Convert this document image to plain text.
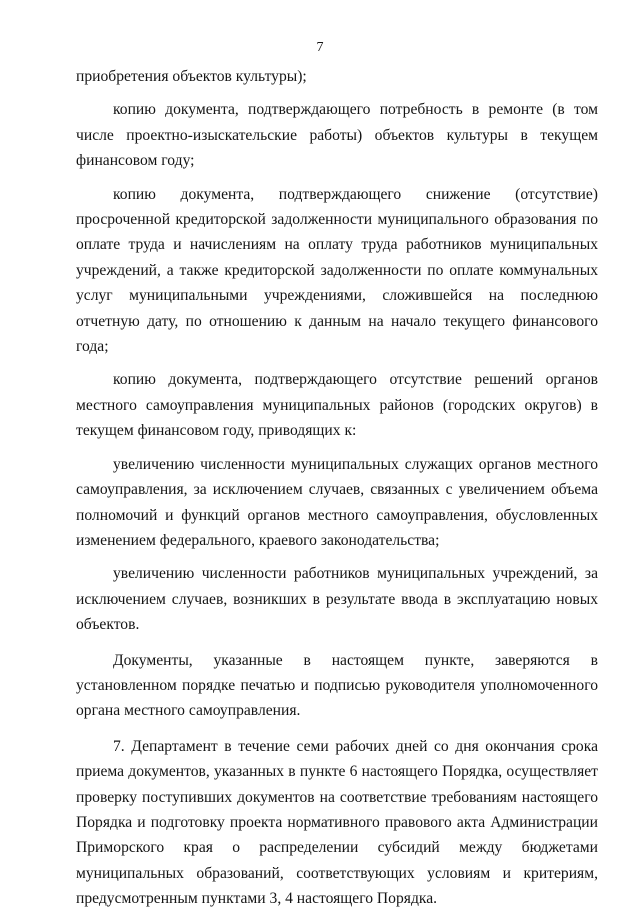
7

приобретения объектов культуры);

копию документа, подтверждающего потребность в ремонте (в том числе проектно-изыскательские работы) объектов культуры в текущем финансовом году;

копию документа, подтверждающего снижение (отсутствие) просроченной кредиторской задолженности муниципального образования по оплате труда и начислениям на оплату труда работников муниципальных учреждений, а также кредиторской задолженности по оплате коммунальных услуг муниципальными учреждениями, сложившейся на последнюю отчетную дату, по отношению к данным на начало текущего финансового года;

копию документа, подтверждающего отсутствие решений органов местного самоуправления муниципальных районов (городских округов) в текущем финансовом году, приводящих к:

увеличению численности муниципальных служащих органов местного самоуправления, за исключением случаев, связанных с увеличением объема полномочий и функций органов местного самоуправления, обусловленных изменением федерального, краевого законодательства;

увеличению численности работников муниципальных учреждений, за исключением случаев, возникших в результате ввода в эксплуатацию новых объектов.

Документы, указанные в настоящем пункте, заверяются в установленном порядке печатью и подписью руководителя уполномоченного органа местного самоуправления.

7. Департамент в течение семи рабочих дней со дня окончания срока приема документов, указанных в пункте 6 настоящего Порядка, осуществляет проверку поступивших документов на соответствие требованиям настоящего Порядка и подготовку проекта нормативного правового акта Администрации Приморского края о распределении субсидий между бюджетами муниципальных образований, соответствующих условиям и критериям, предусмотренным пунктами 3, 4 настоящего Порядка.
